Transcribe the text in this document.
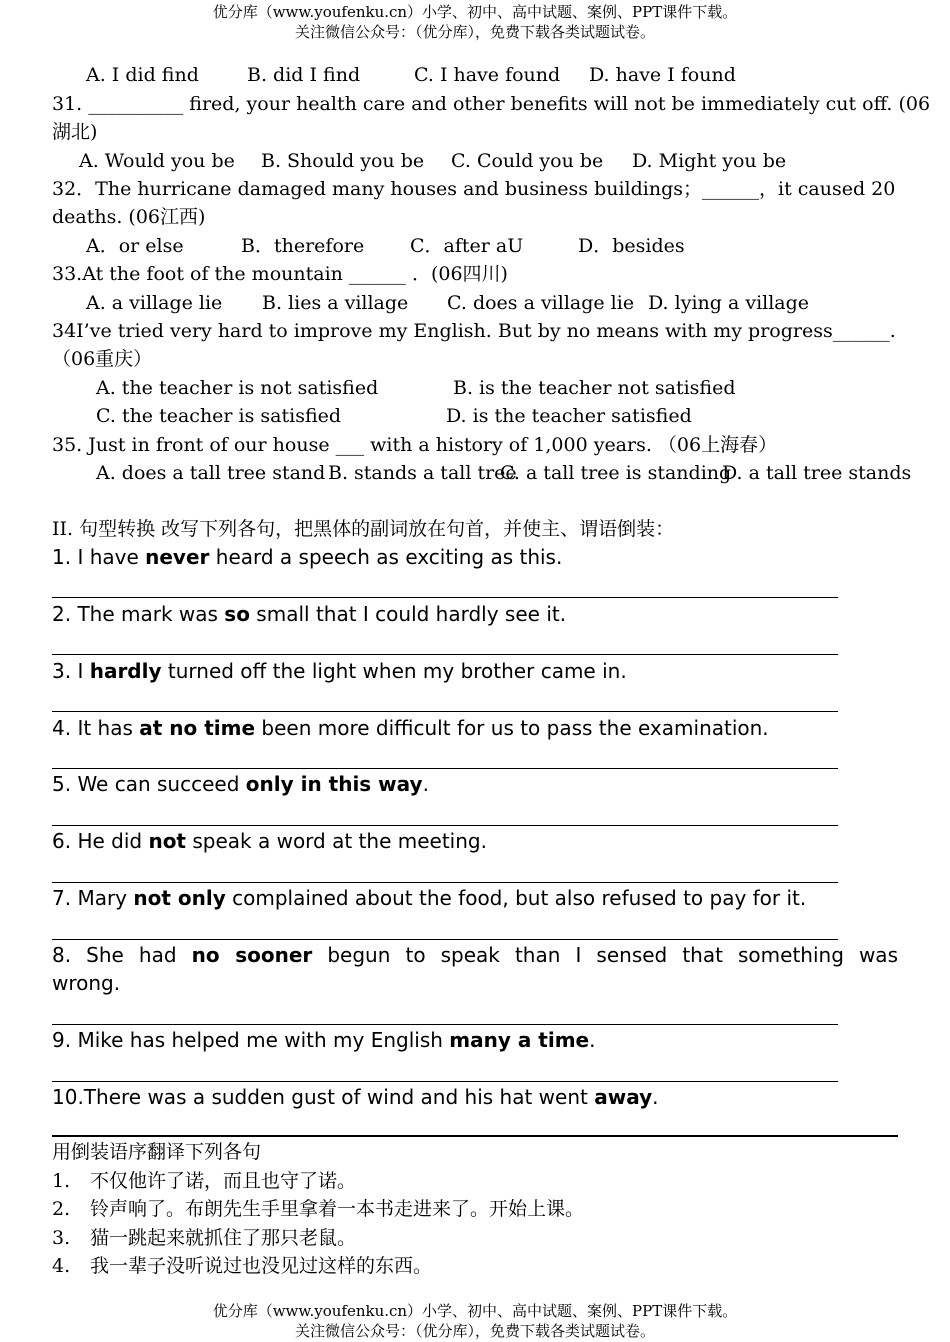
优分库（www.youfenku.cn）小学、初中、高中试题、案例、PPT课件下载。
关注微信公众号：（优分库），免费下载各类试题试卷。
A. I did find	B. did I find	C. I have found D. have I found
31. __________ fired, your health care and other benefits will not be immediately cut off. (06
湖北)
A. Would you be B. Should you be C. Could you be D. Might you be
32．The hurricane damaged many houses and business buildings；______，it caused 20
deaths. (06江西)
A．or else	B．therefore C．after aU	D．besides
33.At the foot of the mountain ______ ．(06四川)
A. a village lie B. lies a village C. does a village lie D. lying a village
34I’ve tried very hard to improve my English. But by no means with my progress______.
（06重庆）
A. the teacher is not satisfied	B. is the teacher not satisfied
C. the teacher is satisfied	D. is the teacher satisfied
35. Just in front of our house ___ with a history of 1,000 years. （06上海春）
A. does a tall tree stand B. stands a tall tree
C. a tall tree is standing
D. a tall tree stands
II. 句型转换 改写下列各句，把黑体的副词放在句首，并使主、谓语倒装：
1. I have never heard a speech as exciting as this.
2. The mark was so small that I could hardly see it.
3. I hardly turned off the light when my brother came in.
4. It has at no time been more difficult for us to pass the examination.
5. We can succeed only in this way.
6. He did not speak a word at the meeting.
7. Mary not only complained about the food, but also refused to pay for it.
8. She had no sooner begun to speak than I sensed that something was
wrong.
9. Mike has helped me with my English many a time.
10.There was a sudden gust of wind and his hat went away.
用倒装语序翻译下列各句
1. 不仅他许了诺，而且也守了诺。
2. 铃声响了。布朗先生手里拿着一本书走进来了。开始上课。
3. 猫一跳起来就抓住了那只老鼠。
4. 我一辈子没听说过也没见过这样的东西。
优分库（www.youfenku.cn）小学、初中、高中试题、案例、PPT课件下载。
关注微信公众号：（优分库），免费下载各类试题试卷。
